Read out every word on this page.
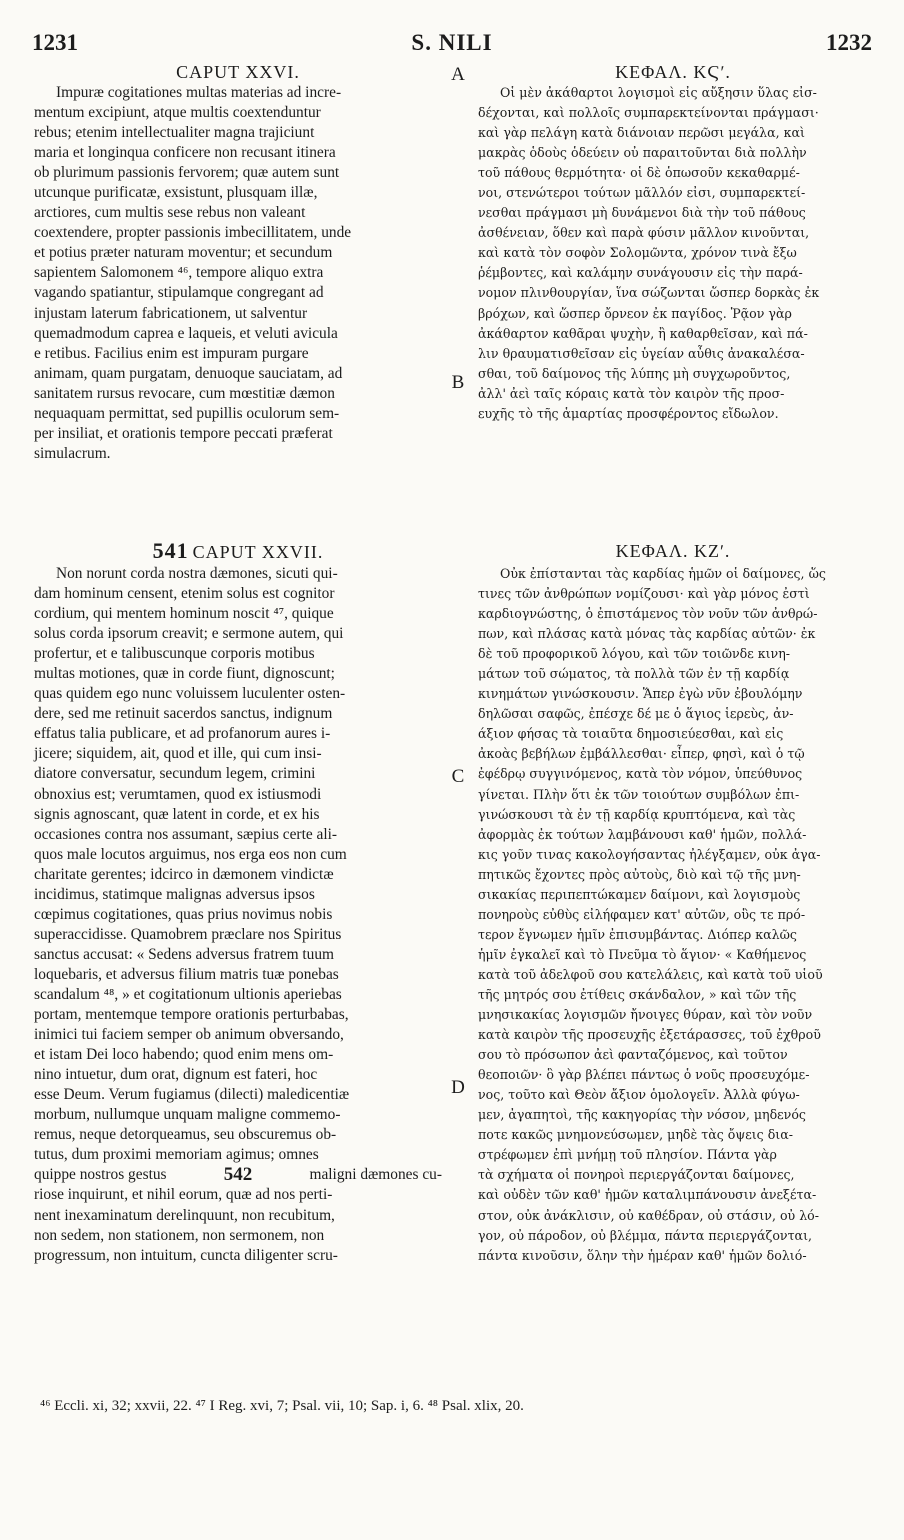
1231	S. NILI	1232
A
B
C
D
CAPUT XXVI.
Impuræ cogitationes multas materias ad incre-
mentum excipiunt, atque multis coextenduntur
rebus; etenim intellectualiter magna trajiciunt
maria et longinqua conficere non recusant itinera
ob plurimum passionis fervorem; quæ autem sunt
utcunque purificatæ, exsistunt, plusquam illæ,
arctiores, cum multis sese rebus non valeant
coextendere, propter passionis imbecillitatem, unde
et potius præter naturam moventur; et secundum
sapientem Salomonem ⁴⁶, tempore aliquo extra
vagando spatiantur, stipulamque congregant ad
injustam laterum fabricationem, ut salventur
quemadmodum caprea e laqueis, et veluti avicula
e retibus. Facilius enim est impuram purgare
animam, quam purgatam, denuoque sauciatam, ad
sanitatem rursus revocare, cum mœstitiæ dæmon
nequaquam permittat, sed pupillis oculorum sem-
per insiliat, et orationis tempore peccati præferat
simulacrum.
541 CAPUT XXVII.
Non norunt corda nostra dæmones, sicuti qui-
dam hominum censent, etenim solus est cognitor
cordium, qui mentem hominum noscit ⁴⁷, quique
solus corda ipsorum creavit; e sermone autem, qui
profertur, et e talibuscunque corporis motibus
multas motiones, quæ in corde fiunt, dignoscunt;
quas quidem ego nunc voluissem luculenter osten-
dere, sed me retinuit sacerdos sanctus, indignum
effatus talia publicare, et ad profanorum aures i-
jicere; siquidem, ait, quod et ille, qui cum insi-
diatore conversatur, secundum legem, crimini
obnoxius est; verumtamen, quod ex istiusmodi
signis agnoscant, quæ latent in corde, et ex his
occasiones contra nos assumant, sæpius certe ali-
quos male locutos arguimus, nos erga eos non cum
charitate gerentes; idcirco in dæmonem vindictæ
incidimus, statimque malignas adversus ipsos
cœpimus cogitationes, quas prius novimus nobis
superaccidisse. Quamobrem præclare nos Spiritus
sanctus accusat: « Sedens adversus fratrem tuum
loquebaris, et adversus filium matris tuæ ponebas
scandalum ⁴⁸, » et cogitationum ultionis aperiebas
portam, mentemque tempore orationis perturbabas,
inimici tui faciem semper ob animum obversando,
et istam Dei loco habendo; quod enim mens om-
nino intuetur, dum orat, dignum est fateri, hoc
esse Deum. Verum fugiamus (dilecti) maledicentiæ
morbum, nullumque unquam maligne commemo-
remus, neque detorqueamus, seu obscuremus ob-
tutus, dum proximi memoriam agimus; omnes
quippe nostros gestus	542	maligni dæmones cu-
riose inquirunt, et nihil eorum, quæ ad nos perti-
nent inexaminatum derelinquunt, non recubitum,
non sedem, non stationem, non sermonem, non
progressum, non intuitum, cuncta diligenter scru-
ΚΕΦΑΛ. ΚϚʹ.
Οἱ μὲν ἀκάθαρτοι λογισμοὶ εἰς αὔξησιν ὕλας εἰσ-
δέχονται, καὶ πολλοῖς συμπαρεκτείνονται πράγμασι·
καὶ γὰρ πελάγη κατὰ διάνοιαν περῶσι μεγάλα, καὶ
μακρὰς ὁδοὺς ὁδεύειν οὐ παραιτοῦνται διὰ πολλὴν
τοῦ πάθους θερμότητα· οἱ δὲ ὁπωσοῦν κεκαθαρμέ-
νοι, στενώτεροι τούτων μᾶλλόν εἰσι, συμπαρεκτεί-
νεσθαι πράγμασι μὴ δυνάμενοι διὰ τὴν τοῦ πάθους
ἀσθένειαν, ὅθεν καὶ παρὰ φύσιν μᾶλλον κινοῦνται,
καὶ κατὰ τὸν σοφὸν Σολομῶντα, χρόνον τινὰ ἔξω
ῥέμβοντες, καὶ καλάμην συνάγουσιν εἰς τὴν παρά-
νομον πλινθουργίαν, ἵνα σώζωνται ὥσπερ δορκὰς ἐκ
βρόχων, καὶ ὥσπερ ὄρνεον ἐκ παγίδος. Ῥᾷον γὰρ
ἀκάθαρτον καθᾶραι ψυχὴν, ἢ καθαρθεῖσαν, καὶ πά-
λιν θραυματισθεῖσαν εἰς ὑγείαν αὖθις ἀνακαλέσα-
σθαι, τοῦ δαίμονος τῆς λύπης μὴ συγχωροῦντος,
ἀλλ' ἀεὶ ταῖς κόραις κατὰ τὸν καιρὸν τῆς προσ-
ευχῆς τὸ τῆς ἁμαρτίας προσφέροντος εἴδωλον.
ΚΕΦΑΛ. ΚΖʹ.
Οὐκ ἐπίστανται τὰς καρδίας ἡμῶν οἱ δαίμονες, ὥς
τινες τῶν ἀνθρώπων νομίζουσι· καὶ γὰρ μόνος ἐστὶ
καρδιογνώστης, ὁ ἐπιστάμενος τὸν νοῦν τῶν ἀνθρώ-
πων, καὶ πλάσας κατὰ μόνας τὰς καρδίας αὐτῶν· ἐκ
δὲ τοῦ προφορικοῦ λόγου, καὶ τῶν τοιῶνδε κινη-
μάτων τοῦ σώματος, τὰ πολλὰ τῶν ἐν τῇ καρδίᾳ
κινημάτων γινώσκουσιν. Ἅπερ ἐγὼ νῦν ἐβουλόμην
δηλῶσαι σαφῶς, ἐπέσχε δέ με ὁ ἅγιος ἱερεὺς, ἀν-
άξιον φήσας τὰ τοιαῦτα δημοσιεύεσθαι, καὶ εἰς
ἀκοὰς βεβήλων ἐμβάλλεσθαι· εἶπερ, φησὶ, καὶ ὁ τῷ
ἐφέδρῳ συγγινόμενος, κατὰ τὸν νόμον, ὑπεύθυνος
γίνεται. Πλὴν ὅτι ἐκ τῶν τοιούτων συμβόλων ἐπι-
γινώσκουσι τὰ ἐν τῇ καρδίᾳ κρυπτόμενα, καὶ τὰς
ἀφορμὰς ἐκ τούτων λαμβάνουσι καθ' ἡμῶν, πολλά-
κις γοῦν τινας κακολογήσαντας ἠλέγξαμεν, οὐκ ἀγα-
πητικῶς ἔχοντες πρὸς αὐτοὺς, διὸ καὶ τῷ τῆς μνη-
σικακίας περιπεπτώκαμεν δαίμονι, καὶ λογισμοὺς
πονηροὺς εὐθὺς εἰλήφαμεν κατ' αὐτῶν, οὓς τε πρό-
τερον ἔγνωμεν ἡμῖν ἐπισυμβάντας. Διόπερ καλῶς
ἡμῖν ἐγκαλεῖ καὶ τὸ Πνεῦμα τὸ ἅγιον· « Καθήμενος
κατὰ τοῦ ἀδελφοῦ σου κατελάλεις, καὶ κατὰ τοῦ υἱοῦ
τῆς μητρός σου ἐτίθεις σκάνδαλον, » καὶ τῶν τῆς
μνησικακίας λογισμῶν ἤνοιγες θύραν, καὶ τὸν νοῦν
κατὰ καιρὸν τῆς προσευχῆς ἐξετάρασσες, τοῦ ἐχθροῦ
σου τὸ πρόσωπον ἀεὶ φανταζόμενος, καὶ τοῦτον
θεοποιῶν· ὃ γὰρ βλέπει πάντως ὁ νοῦς προσευχόμε-
νος, τοῦτο καὶ Θεὸν ἄξιον ὁμολογεῖν. Ἀλλὰ φύγω-
μεν, ἀγαπητοὶ, τῆς κακηγορίας τὴν νόσον, μηδενός
ποτε κακῶς μνημονεύσωμεν, μηδὲ τὰς ὄψεις δια-
στρέφωμεν ἐπὶ μνήμῃ τοῦ πλησίον. Πάντα γὰρ
τὰ σχήματα οἱ πονηροὶ περιεργάζονται δαίμονες,
καὶ οὐδὲν τῶν καθ' ἡμῶν καταλιμπάνουσιν ἀνεξέτα-
στον, οὐκ ἀνάκλισιν, οὐ καθέδραν, οὐ στάσιν, οὐ λό-
γον, οὐ πάροδον, οὐ βλέμμα, πάντα περιεργάζονται,
πάντα κινοῦσιν, ὅλην τὴν ἡμέραν καθ' ἡμῶν δολιό-
⁴⁶ Eccli. xi, 32; xxvii, 22. ⁴⁷ I Reg. xvi, 7; Psal. vii, 10; Sap. i, 6. ⁴⁸ Psal. xlix, 20.
